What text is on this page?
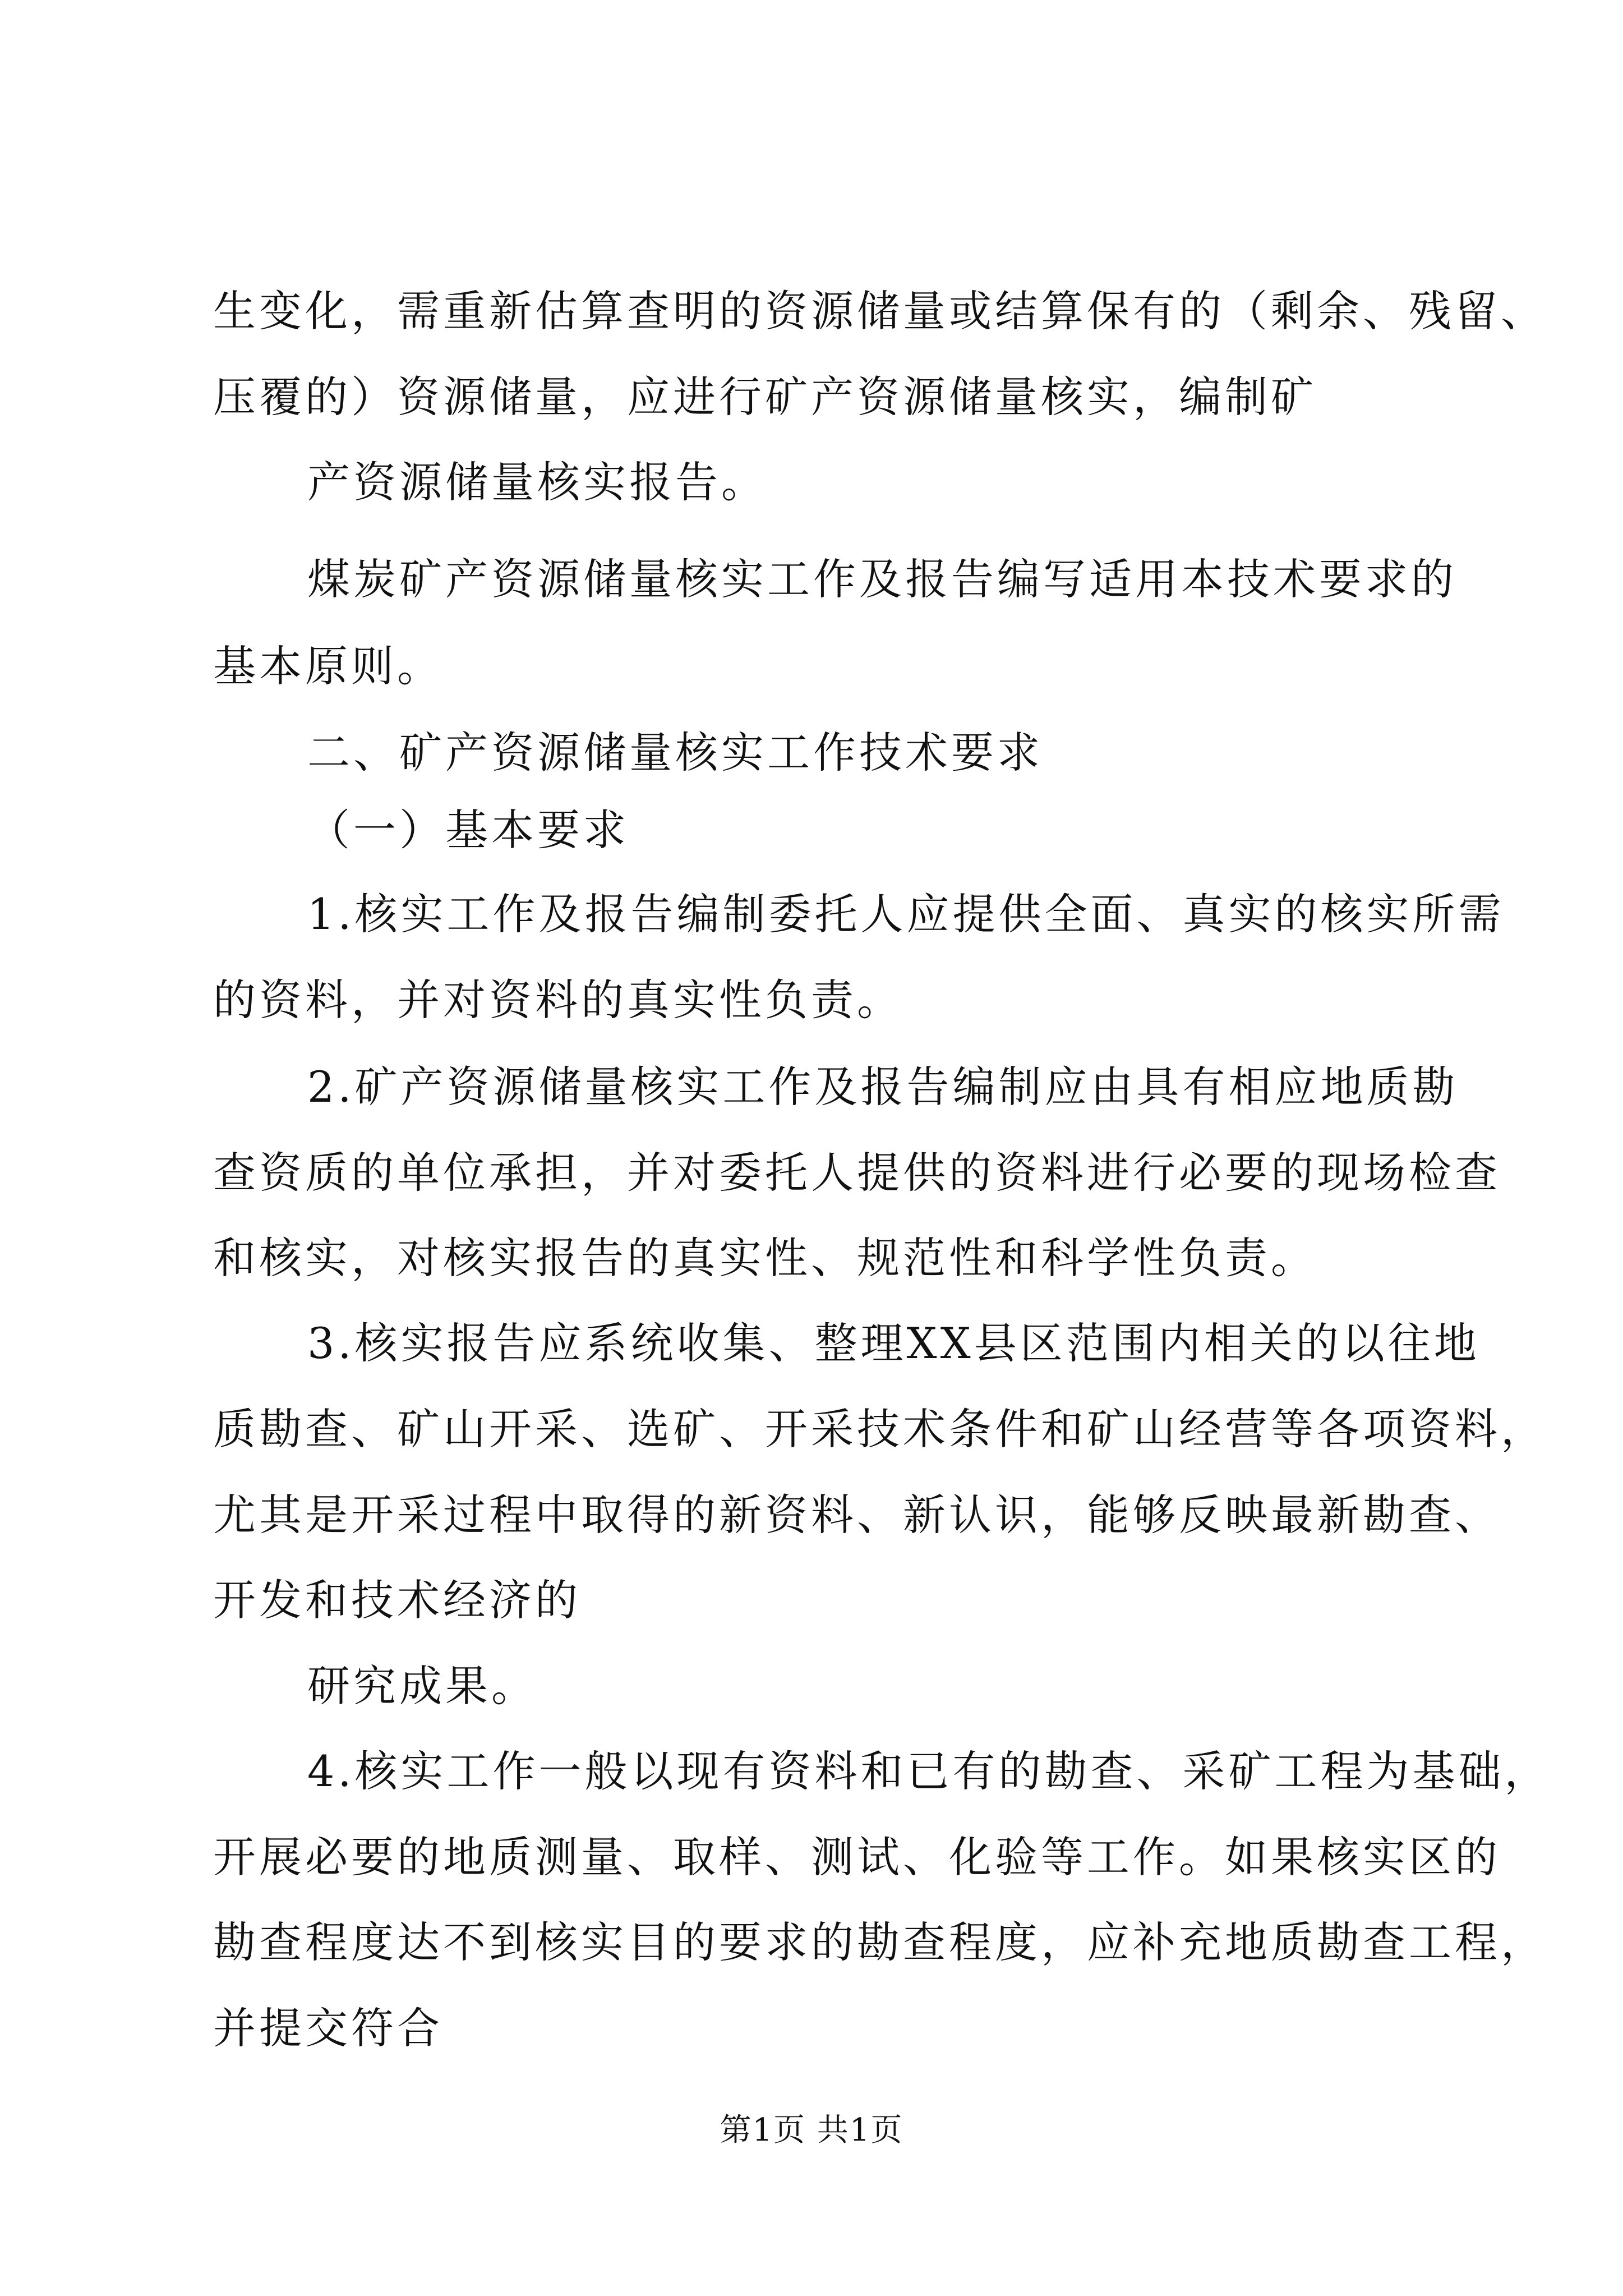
生变化，需重新估算查明的资源储量或结算保有的（剩余、残留、
压覆的）资源储量，应进行矿产资源储量核实，编制矿
产资源储量核实报告。
煤炭矿产资源储量核实工作及报告编写适用本技术要求的
基本原则。
二、矿产资源储量核实工作技术要求
（一）基本要求
1.核实工作及报告编制委托人应提供全面、真实的核实所需
的资料，并对资料的真实性负责。
2.矿产资源储量核实工作及报告编制应由具有相应地质勘
查资质的单位承担，并对委托人提供的资料进行必要的现场检查
和核实，对核实报告的真实性、规范性和科学性负责。
3.核实报告应系统收集、整理XX县区范围内相关的以往地
质勘查、矿山开采、选矿、开采技术条件和矿山经营等各项资料，
尤其是开采过程中取得的新资料、新认识，能够反映最新勘查、
开发和技术经济的
研究成果。
4.核实工作一般以现有资料和已有的勘查、采矿工程为基础，
开展必要的地质测量、取样、测试、化验等工作。如果核实区的
勘查程度达不到核实目的要求的勘查程度，应补充地质勘查工程，
并提交符合
第1页 共1页
